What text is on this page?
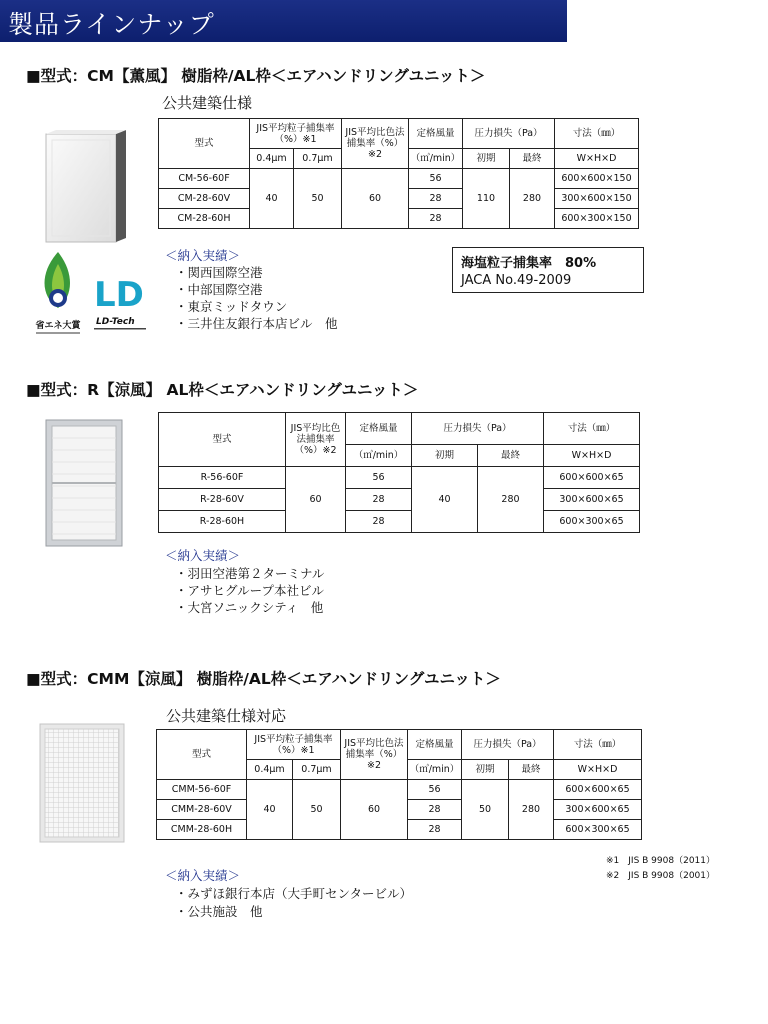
製品ラインナップ
■型式：CM【薫風】 樹脂枠/AL枠＜エアハンドリングユニット＞
公共建築仕様
省エネ大賞
LD
LD-Tech
型式	JIS平均粒子捕集率（%）※1		JIS平均比色法捕集率（%）※2	定格風量	圧力損失（Pa）		寸法（㎜）
	0.4μm	0.7μm		（㎥/min）	初期	最終	W×H×D
CM-56-60F	40	50	60	56	110	280	600×600×150
CM-28-60V				28			300×600×150
CM-28-60H				28			600×300×150
＜納入実績＞
・関西国際空港
・中部国際空港
・東京ミッドタウン
・三井住友銀行本店ビル　他
海塩粒子捕集率　80%
JACA No.49-2009
■型式：R【涼風】 AL枠＜エアハンドリングユニット＞
型式	JIS平均比色法捕集率（%）※2	定格風量	圧力損失（Pa）		寸法（㎜）
		（㎥/min）	初期	最終	W×H×D
R-56-60F	60	56	40	280	600×600×65
R-28-60V		28			300×600×65
R-28-60H		28			600×300×65
＜納入実績＞
・羽田空港第２ターミナル
・アサヒグループ本社ビル
・大宮ソニックシティ　他
■型式：CMM【涼風】 樹脂枠/AL枠＜エアハンドリングユニット＞
公共建築仕様対応
型式	JIS平均粒子捕集率（%）※1		JIS平均比色法捕集率（%）※2	定格風量	圧力損失（Pa）		寸法（㎜）
	0.4μm	0.7μm		（㎥/min）	初期	最終	W×H×D
CMM-56-60F	40	50	60	56	50	280	600×600×65
CMM-28-60V				28			300×600×65
CMM-28-60H				28			600×300×65
※1　JIS B 9908（2011）
※2　JIS B 9908（2001）
＜納入実績＞
・みずほ銀行本店（大手町センタービル）
・公共施設　他
